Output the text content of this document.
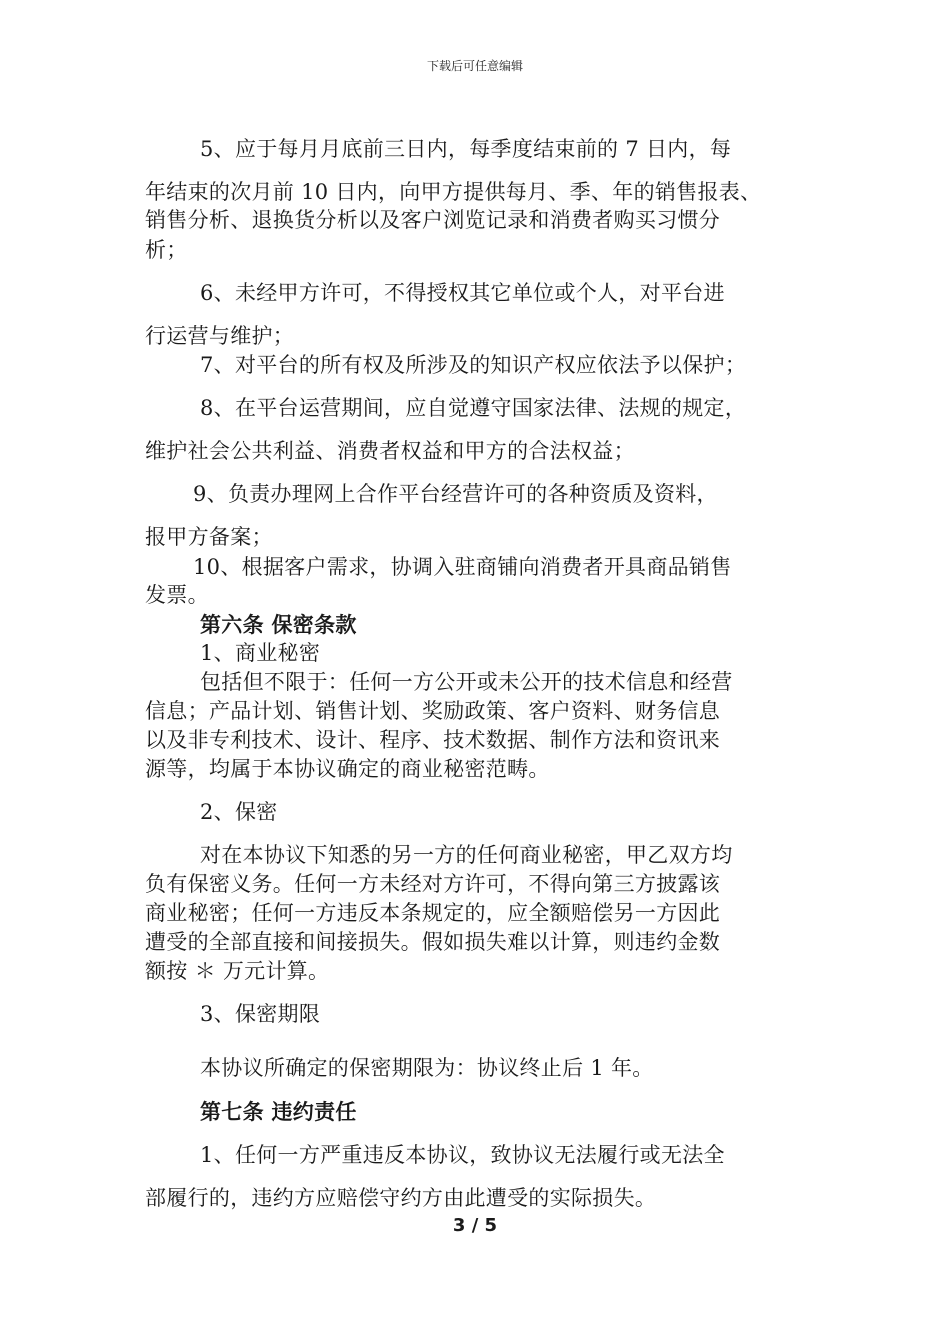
下载后可任意编辑
5、应于每月月底前三日内，每季度结束前的 7 日内，每
年结束的次月前 10 日内，向甲方提供每月、季、年的销售报表、
销售分析、退换货分析以及客户浏览记录和消费者购买习惯分
析；
6、未经甲方许可，不得授权其它单位或个人，对平台进
行运营与维护；
7、对平台的所有权及所涉及的知识产权应依法予以保护；
8、在平台运营期间，应自觉遵守国家法律、法规的规定，
维护社会公共利益、消费者权益和甲方的合法权益；
9、负责办理网上合作平台经营许可的各种资质及资料，
报甲方备案；
10、根据客户需求，协调入驻商铺向消费者开具商品销售
发票。
第六条 保密条款
1、商业秘密
包括但不限于：任何一方公开或未公开的技术信息和经营
信息；产品计划、销售计划、奖励政策、客户资料、财务信息
以及非专利技术、设计、程序、技术数据、制作方法和资讯来
源等，均属于本协议确定的商业秘密范畴。
2、保密
对在本协议下知悉的另一方的任何商业秘密，甲乙双方均
负有保密义务。任何一方未经对方许可，不得向第三方披露该
商业秘密；任何一方违反本条规定的，应全额赔偿另一方因此
遭受的全部直接和间接损失。假如损失难以计算，则违约金数
额按 ＊ 万元计算。
3、保密期限
本协议所确定的保密期限为：协议终止后 1 年。
第七条 违约责任
1、任何一方严重违反本协议，致协议无法履行或无法全
部履行的，违约方应赔偿守约方由此遭受的实际损失。
3 / 5
